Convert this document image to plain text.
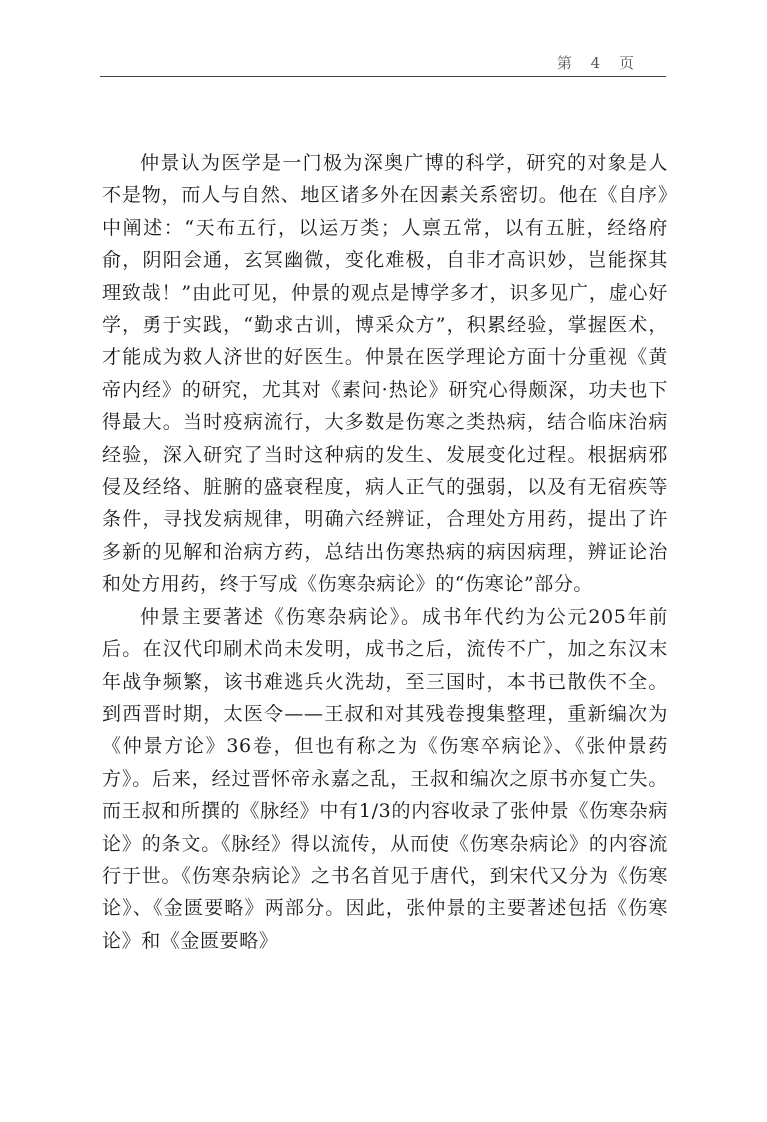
第 4 页

仲景认为医学是一门极为深奥广博的科学，研究的对象是人不是物，而人与自然、地区诸多外在因素关系密切。他在《自序》中阐述：“天布五行，以运万类；人禀五常，以有五脏，经络府俞，阴阳会通，玄冥幽微，变化难极，自非才高识妙，岂能探其理致哉！”由此可见，仲景的观点是博学多才，识多见广，虚心好学，勇于实践，“勤求古训，博采众方”，积累经验，掌握医术，才能成为救人济世的好医生。仲景在医学理论方面十分重视《黄帝内经》的研究，尤其对《素问·热论》研究心得颇深，功夫也下得最大。当时疫病流行，大多数是伤寒之类热病，结合临床治病经验，深入研究了当时这种病的发生、发展变化过程。根据病邪侵及经络、脏腑的盛衰程度，病人正气的强弱，以及有无宿疾等条件，寻找发病规律，明确六经辨证，合理处方用药，提出了许多新的见解和治病方药，总结出伤寒热病的病因病理，辨证论治和处方用药，终于写成《伤寒杂病论》的“伤寒论”部分。

仲景主要著述《伤寒杂病论》。成书年代约为公元205年前后。在汉代印刷术尚未发明，成书之后，流传不广，加之东汉末年战争频繁，该书难逃兵火洗劫，至三国时，本书已散佚不全。到西晋时期，太医令——王叔和对其残卷搜集整理，重新编次为《仲景方论》36卷，但也有称之为《伤寒卒病论》、《张仲景药方》。后来，经过晋怀帝永嘉之乱，王叔和编次之原书亦复亡失。而王叔和所撰的《脉经》中有1/3的内容收录了张仲景《伤寒杂病论》的条文。《脉经》得以流传，从而使《伤寒杂病论》的内容流行于世。《伤寒杂病论》之书名首见于唐代，到宋代又分为《伤寒论》、《金匮要略》两部分。因此，张仲景的主要著述包括《伤寒论》和《金匮要略》
